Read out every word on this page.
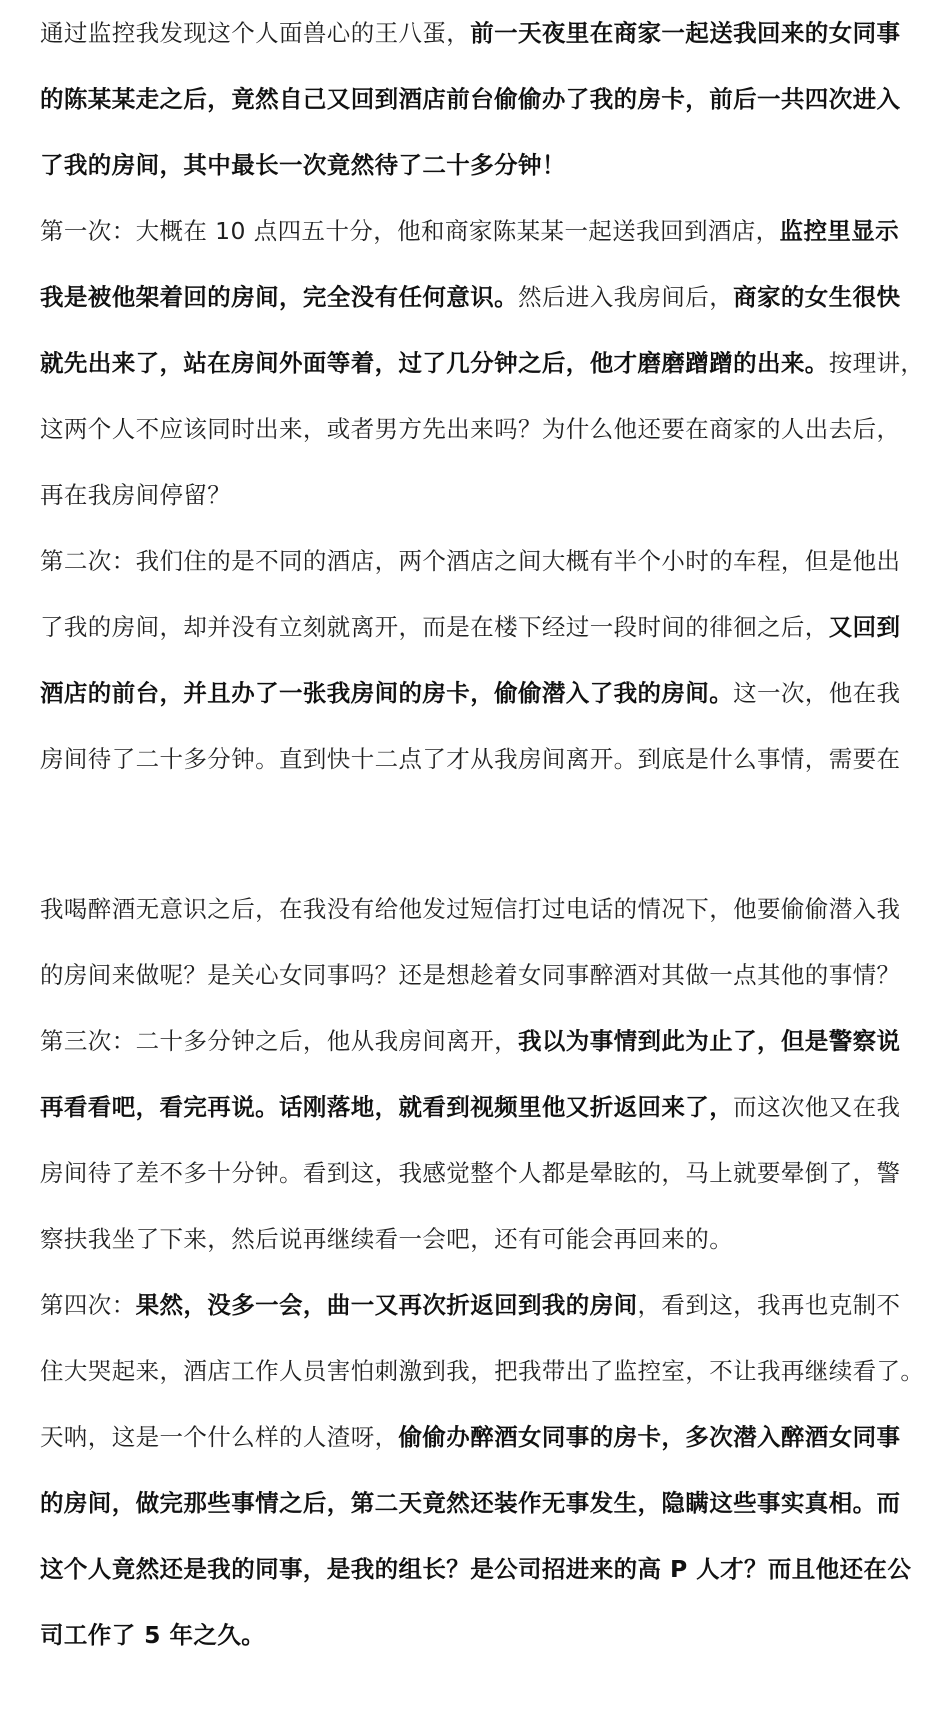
通过监控我发现这个人面兽心的王八蛋，前一天夜里在商家一起送我回来的女同事
的陈某某走之后，竟然自己又回到酒店前台偷偷办了我的房卡，前后一共四次进入
了我的房间，其中最长一次竟然待了二十多分钟！
第一次：大概在 10 点四五十分，他和商家陈某某一起送我回到酒店，监控里显示
我是被他架着回的房间，完全没有任何意识。然后进入我房间后，商家的女生很快
就先出来了，站在房间外面等着，过了几分钟之后，他才磨磨蹭蹭的出来。按理讲，
这两个人不应该同时出来，或者男方先出来吗？为什么他还要在商家的人出去后，
再在我房间停留？
第二次：我们住的是不同的酒店，两个酒店之间大概有半个小时的车程，但是他出
了我的房间，却并没有立刻就离开，而是在楼下经过一段时间的徘徊之后，又回到
酒店的前台，并且办了一张我房间的房卡，偷偷潜入了我的房间。这一次，他在我
房间待了二十多分钟。直到快十二点了才从我房间离开。到底是什么事情，需要在
我喝醉酒无意识之后，在我没有给他发过短信打过电话的情况下，他要偷偷潜入我
的房间来做呢？是关心女同事吗？还是想趁着女同事醉酒对其做一点其他的事情？
第三次：二十多分钟之后，他从我房间离开，我以为事情到此为止了，但是警察说
再看看吧，看完再说。话刚落地，就看到视频里他又折返回来了，而这次他又在我
房间待了差不多十分钟。看到这，我感觉整个人都是晕眩的，马上就要晕倒了，警
察扶我坐了下来，然后说再继续看一会吧，还有可能会再回来的。
第四次：果然，没多一会，曲一又再次折返回到我的房间，看到这，我再也克制不
住大哭起来，酒店工作人员害怕刺激到我，把我带出了监控室，不让我再继续看了。
天呐，这是一个什么样的人渣呀，偷偷办醉酒女同事的房卡，多次潜入醉酒女同事
的房间，做完那些事情之后，第二天竟然还装作无事发生，隐瞒这些事实真相。而
这个人竟然还是我的同事，是我的组长？是公司招进来的高 P 人才？而且他还在公
司工作了 5 年之久。
